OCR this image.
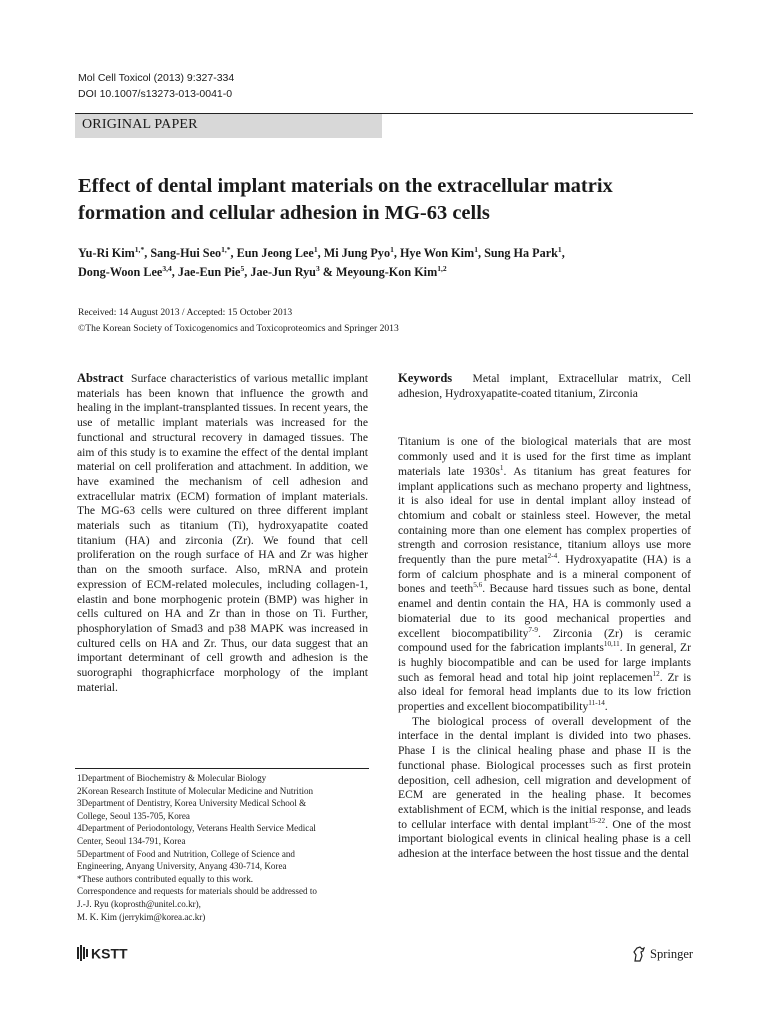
Mol Cell Toxicol (2013) 9:327-334
DOI 10.1007/s13273-013-0041-0
ORIGINAL PAPER
Effect of dental implant materials on the extracellular matrix formation and cellular adhesion in MG-63 cells
Yu-Ri Kim$^{1,*}$, Sang-Hui Seo$^{1,*}$, Eun Jeong Lee$^1$, Mi Jung Pyo$^1$, Hye Won Kim$^1$, Sung Ha Park$^1$,
Dong-Woon Lee$^{3,4}$, Jae-Eun Pie$^5$, Jae-Jun Ryu$^3$ & Meyoung-Kon Kim$^{1,2}$
Received: 14 August 2013 / Accepted: 15 October 2013
©The Korean Society of Toxicogenomics and Toxicoproteomics and Springer 2013

Abstract Surface characteristics of various metallic implant materials has been known that influence the growth and healing in the implant-transplanted tissues. In recent years, the use of metallic implant materials was increased for the functional and structural recovery in damaged tissues. The aim of this study is to examine the effect of the dental implant material on cell proliferation and attachment. In addition, we have examined the mechanism of cell adhesion and extracellular matrix (ECM) formation of implant materials. The MG-63 cells were cultured on three different implant materials such as titanium (Ti), hydroxyapatite coated titanium (HA) and zirconia (Zr). We found that cell proliferation on the rough surface of HA and Zr was higher than on the smooth surface. Also, mRNA and protein expression of ECM-related molecules, including collagen-1, elastin and bone morphogenic protein (BMP) was higher in cells cultured on HA and Zr than in those on Ti. Further, phosphorylation of Smad3 and p38 MAPK was increased in cultured cells on HA and Zr. Thus, our data suggest that an important determinant of cell growth and adhesion is the suorographi thographicrface morphology of the implant material.

Keywords Metal implant, Extracellular matrix, Cell adhesion, Hydroxyapatite-coated titanium, Zirconia

Titanium is one of the biological materials that are most commonly used and it is used for the first time as implant materials late $1930s^1$. As titanium has great features for implant applications such as mechano property and lightness, it is also ideal for use in dental implant alloy instead of chtomium and cobalt or stainless steel. However, the metal containing more than one element has complex properties of strength and corrosion resistance, titanium alloys use more frequently than the pure metal$^{2-4}$. Hydroxyapatite (HA) is a form of calcium phosphate and is a mineral component of bones and teeth$^{5,6}$. Because hard tissues such as bone, dental enamel and dentin contain the HA, HA is commonly used a biomaterial due to its good mechanical properties and excellent biocompatibility$^{7-9}$. Zirconia (Zr) is ceramic compound used for the fabrication implants$^{10,11}$. In general, Zr is hughly biocompatible and can be used for large implants such as femoral head and total hip joint replacemen$^{12}$. Zr is also ideal for femoral head implants due to its low friction properties and excellent biocompatibility$^{11-14}$.

The biological process of overall development of the interface in the dental implant is divided into two phases. Phase I is the clinical healing phase and phase II is the functional phase. Biological processes such as first protein deposition, cell adhesion, cell migration and development of ECM are generated in the healing phase. It becomes extablishment of ECM, which is the initial response, and leads to cellular interface with dental implant$^{15-22}$. One of the most important biological events in clinical healing phase is a cell adhesion at the interface between the host tissue and the dental

1Department of Biochemistry & Molecular Biology
2Korean Research Institute of Molecular Medicine and Nutrition
3Department of Dentistry, Korea University Medical School &
College, Seoul 135-705, Korea
4Department of Periodontology, Veterans Health Service Medical
Center, Seoul 134-791, Korea
5Department of Food and Nutrition, College of Science and
Engineering, Anyang University, Anyang 430-714, Korea
*These authors contributed equally to this work.
Correspondence and requests for materials should be addressed to
J.-J. Ryu (koprosth@unitel.co.kr),
M. K. Kim (jerrykim@korea.ac.kr)
KSTT	Springer
